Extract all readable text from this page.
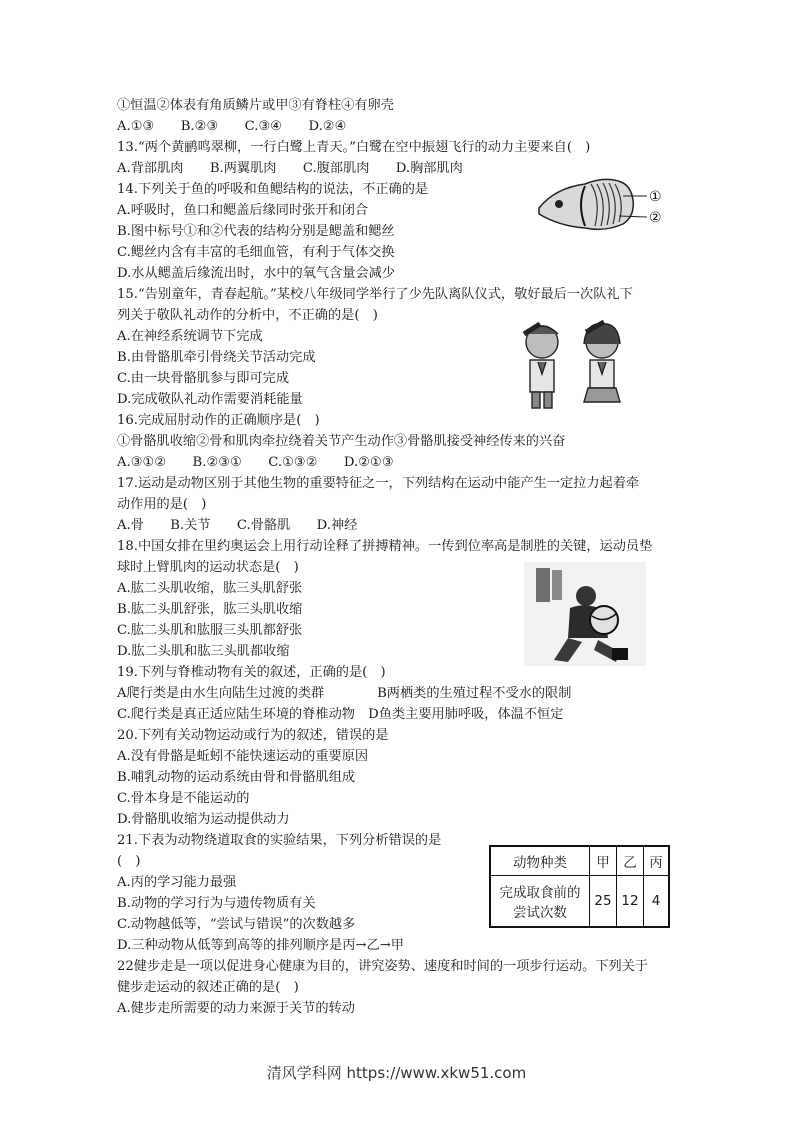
①恒温②体表有角质鳞片或甲③有脊柱④有卵壳
A.①③　　B.②③　　C.③④　　D.②④
13.“两个黄鹂鸣翠柳，一行白鹭上青天。”白鹭在空中振翅飞行的动力主要来自(　)
A.背部肌肉　　B.两翼肌肉　　C.腹部肌肉　　D.胸部肌肉
14.下列关于鱼的呼吸和鱼鳃结构的说法，不正确的是
A.呼吸时，鱼口和鳃盖后缘同时张开和闭合
B.图中标号①和②代表的结构分别是鳃盖和鳃丝
C.鳃丝内含有丰富的毛细血管，有利于气体交换
D.水从鳃盖后缘流出时，水中的氧气含量会减少
15.“告别童年，青春起航。”某校八年级同学举行了少先队离队仪式，敬好最后一次队礼下
列关于敬队礼动作的分析中，不正确的是(　)
A.在神经系统调节下完成
B.由骨骼肌牵引骨绕关节活动完成
C.由一块骨骼肌参与即可完成
D.完成敬队礼动作需要消耗能量
16.完成屈肘动作的正确顺序是(　)
①骨骼肌收缩②骨和肌肉牵拉绕着关节产生动作③骨骼肌接受神经传来的兴奋
A.③①②　　B.②③①　　C.①③②　　D.②①③
17.运动是动物区别于其他生物的重要特征之一，下列结构在运动中能产生一定拉力起着牵
动作用的是(　)
A.骨　　B.关节　　C.骨骼肌　　D.神经
18.中国女排在里约奥运会上用行动诠释了拼搏精神。一传到位率高是制胜的关键，运动员垫
球时上臂肌肉的运动状态是(　)
A.肱二头肌收缩，肱三头肌舒张
B.肱二头肌舒张，肱三头肌收缩
C.肱二头肌和肱服三头肌都舒张
D.肱二头肌和肱三头肌都收缩
19.下列与脊椎动物有关的叙述，正确的是(　)
A爬行类是由水生向陆生过渡的类群　　　　B两栖类的生殖过程不受水的限制
C.爬行类是真正适应陆生环境的脊椎动物　D鱼类主要用肺呼吸，体温不恒定
20.下列有关动物运动或行为的叙述，错误的是
A.没有骨骼是蚯蚓不能快速运动的重要原因
B.哺乳动物的运动系统由骨和骨骼肌组成
C.骨本身是不能运动的
D.骨骼肌收缩为运动提供动力
21.下表为动物绕道取食的实验结果，下列分析错误的是
(　)
A.丙的学习能力最强
B.动物的学习行为与遗传物质有关
C.动物越低等，“尝试与错误”的次数越多
D.三种动物从低等到高等的排列顺序是丙→乙→甲
22健步走是一项以促进身心健康为目的，讲究姿势、速度和时间的一项步行运动。下列关于
健步走运动的叙述正确的是(　)
A.健步走所需要的动力来源于关节的转动
①
②
动物种类	甲	乙	丙

完成取食前的
尝试次数	25	12	4
清风学科网 https://www.xkw51.com
